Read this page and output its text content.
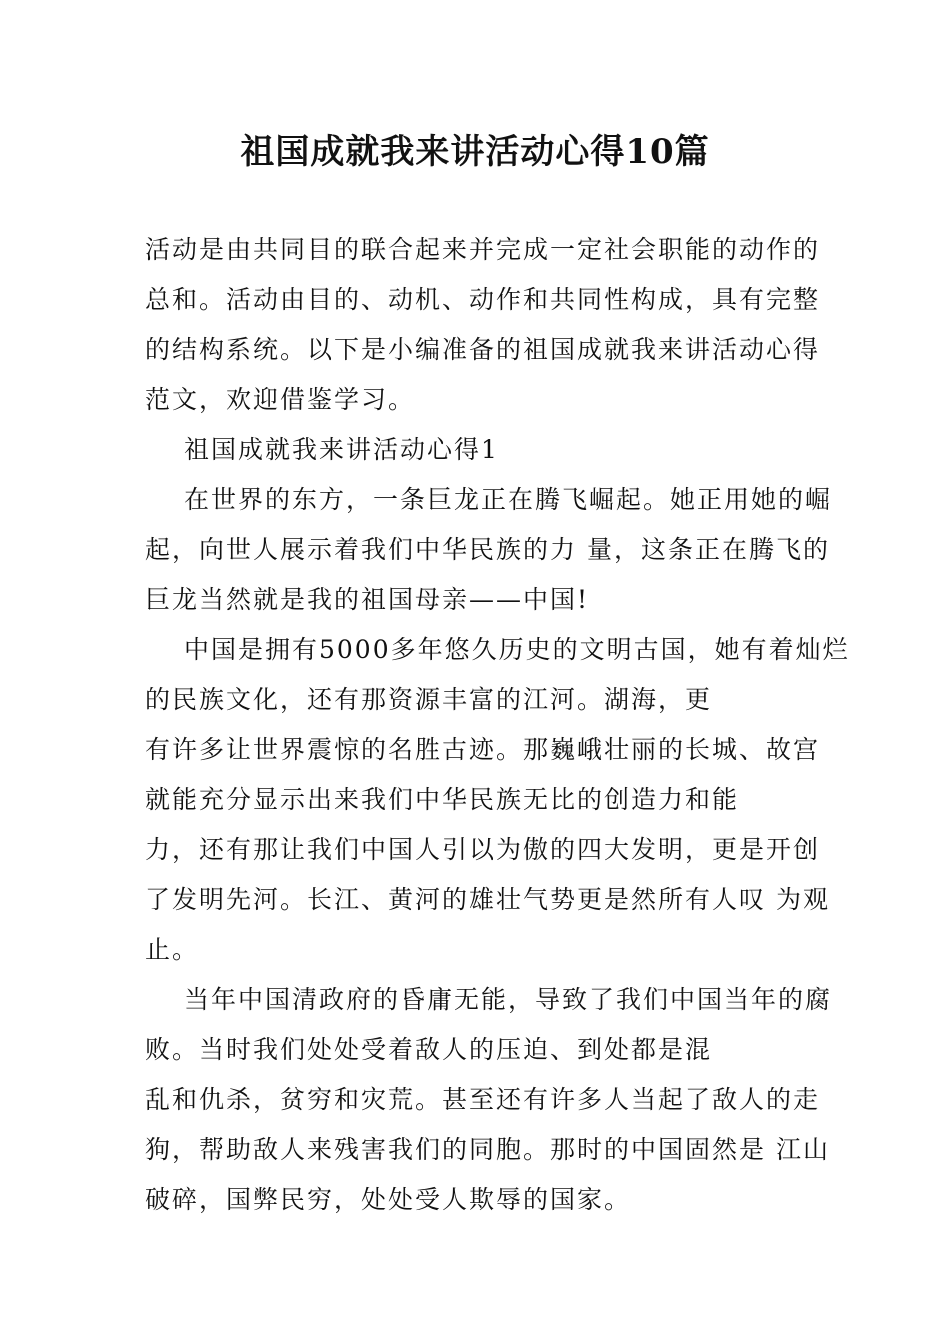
祖国成就我来讲活动心得10篇
活动是由共同目的联合起来并完成一定社会职能的动作的
总和。活动由目的、动机、动作和共同性构成，具有完整
的结构系统。以下是小编准备的祖国成就我来讲活动心得
范文，欢迎借鉴学习。
祖国成就我来讲活动心得1
在世界的东方，一条巨龙正在腾飞崛起。她正用她的崛
起，向世人展示着我们中华民族的力 量，这条正在腾飞的
巨龙当然就是我的祖国母亲——中国!
中国是拥有5000多年悠久历史的文明古国，她有着灿烂
的民族文化，还有那资源丰富的江河。湖海，更
有许多让世界震惊的名胜古迹。那巍峨壮丽的长城、故宫
就能充分显示出来我们中华民族无比的创造力和能
力，还有那让我们中国人引以为傲的四大发明，更是开创
了发明先河。长江、黄河的雄壮气势更是然所有人叹 为观
止。
当年中国清政府的昏庸无能，导致了我们中国当年的腐
败。当时我们处处受着敌人的压迫、到处都是混
乱和仇杀，贫穷和灾荒。甚至还有许多人当起了敌人的走
狗，帮助敌人来残害我们的同胞。那时的中国固然是 江山
破碎，国弊民穷，处处受人欺辱的国家。
